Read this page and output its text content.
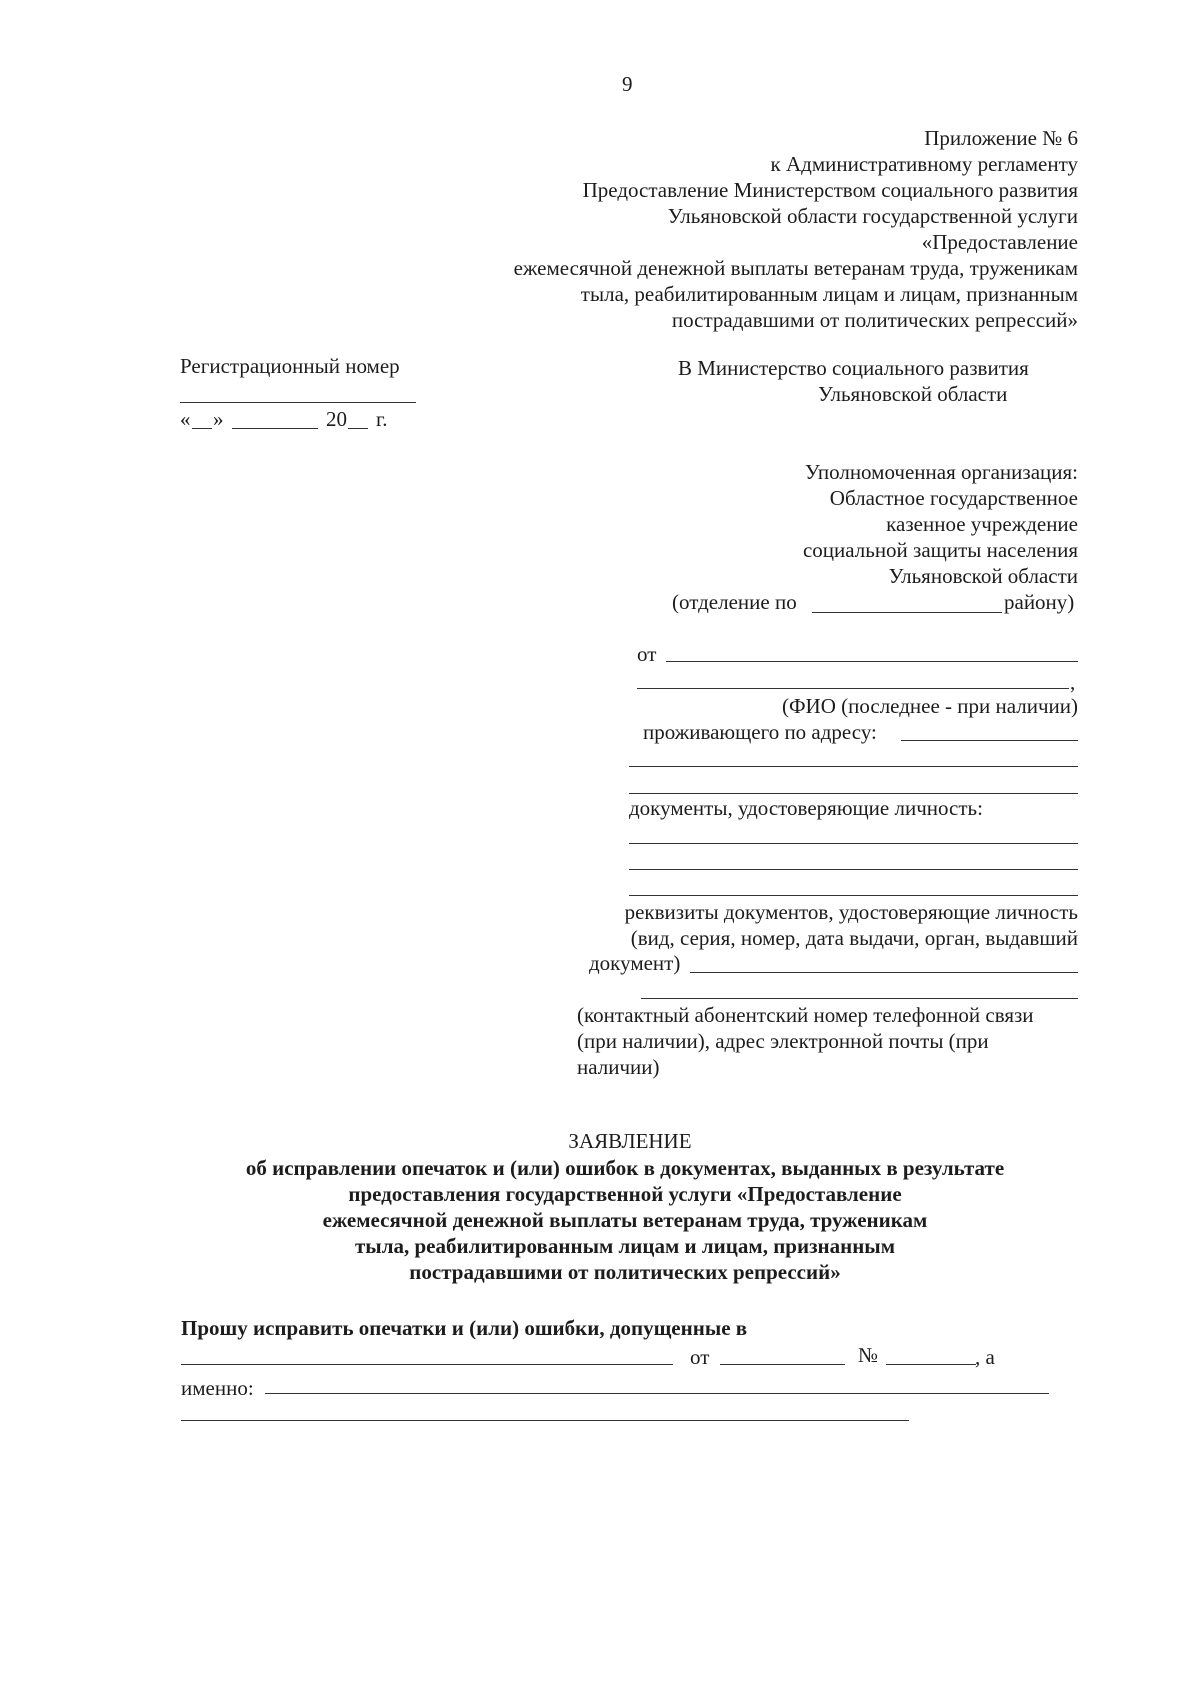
9
Приложение № 6
к Административному регламенту
Предоставление Министерством социального развития
Ульяновской области государственной услуги
«Предоставление
ежемесячной денежной выплаты ветеранам труда, труженикам
тыла, реабилитированным лицам и лицам, признанным
пострадавшими от политических репрессий»
Регистрационный номер
« »	20 г.
В Министерство социального развития
Ульяновской области
Уполномоченная организация:
Областное государственное
казенное учреждение
социальной защиты населения
Ульяновской области
(отделение по	району)
от
,
(ФИО (последнее - при наличии)
проживающего по адресу:
документы, удостоверяющие личность:
реквизиты документов, удостоверяющие личность
(вид, серия, номер, дата выдачи, орган, выдавший
документ)
(контактный абонентский номер телефонной связи
(при наличии), адрес электронной почты (при
наличии)
ЗАЯВЛЕНИЕ
об исправлении опечаток и (или) ошибок в документах, выданных в результате
предоставления государственной услуги «Предоставление
ежемесячной денежной выплаты ветеранам труда, труженикам
тыла, реабилитированным лицам и лицам, признанным
пострадавшими от политических репрессий»
Прошу исправить опечатки и (или) ошибки, допущенные в
от	№	, а
именно:
